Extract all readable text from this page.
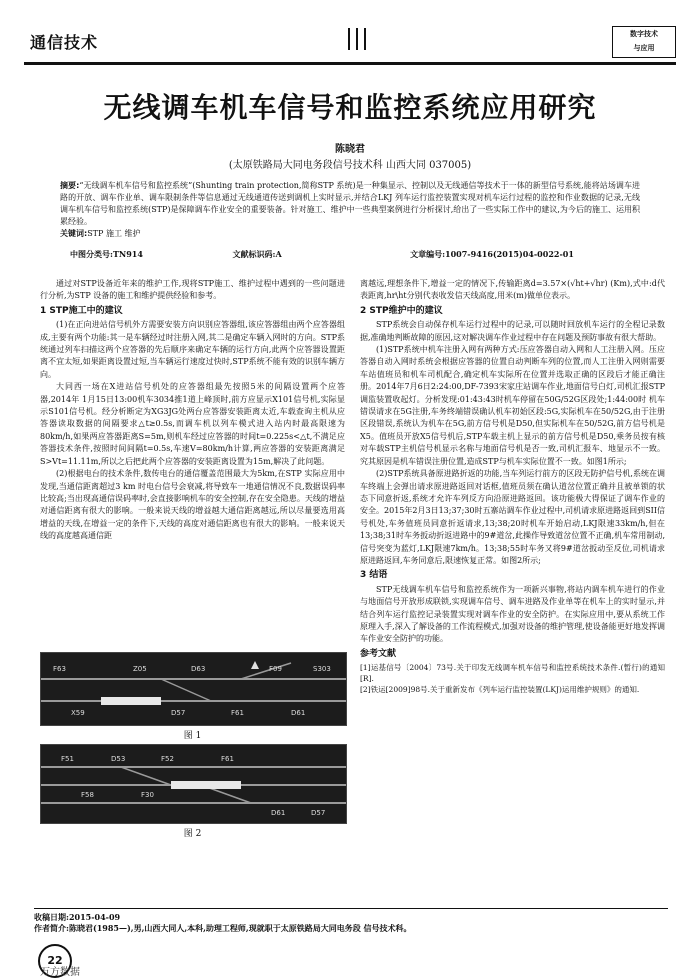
通信技术	数字技术
与应用
无线调车机车信号和监控系统应用研究
陈晓君
(太原铁路局大同电务段信号技术科 山西大同 037005)
摘要:“无线调车机车信号和监控系统”(Shunting train protection,简称STP 系统)是一种集显示、控制以及无线通信等技术于一体的新型信号系统,能将站场调车进路的开放、调车作业单、调车限制条件等信息通过无线通道传送到调机上实时显示,并结合LKJ 列车运行监控装置实现对机车运行过程的监控和作业数据的记录,无线调车机车信号和监控系统(STP)是保障调车作业安全的重要装备。针对施工、维护中一些典型案例进行分析探讨,给出了一些实际工作中的建议,为今后的施工、运用积累经验。
关键词:STP 施工 维护
中图分类号:TN914	文献标识码:A	文章编号:1007-9416(2015)04-0022-01

通过对STP设备近年来的维护工作,现将STP施工、维护过程中遇到的一些问题进行分析,为STP 设备的施工和维护提供经验和参考。

1 STP施工中的建议

(1)在正向进站信号机外方需要安装方向识别应答器组,该应答器组由两个应答器组成,主要有两个功能:其一是车辆经过时注册入网,其二是确定车辆入网时的方向。STP系统通过列车扫描这两个应答器的先后顺序来确定车辆的运行方向,此两个应答器设置距离不宜太短,如果距离设置过短,当车辆运行速度过快时,STP系统不能有效的识别车辆方向。

大同西一场在X进站信号机处的应答器组最先按照5米的间隔设置两个应答器,2014年 1月15日13:00机车3034推1道上峰顶时,前方应显示X101信号机,实际显示S101信号机。经分析断定为XG3JG处两台应答器安装距离太近,车载查询主机从应答器读取数据的间隔要求△t≥0.5s,而调车机以列车模式进入站内时最高限速为80km/h,如果两应答器距离S=5m,则机车经过应答器的时间t=0.225s<△t,不满足应答器技术条件,按照时间间隔t=0.5s,车速V=80km/h计算,两应答器的安装距离满足S>Vt=11.11m,所以之后把此两个应答器的安装距离设置为15m,解决了此问题。

(2)根据电台的技术条件,数传电台的通信覆盖范围最大为5km,在STP 实际应用中发现,当通信距离超过3 km 时电台信号会衰减,将导致车一地通信情况不良,数据误码率比较高;当出现高通信误码率时,会直接影响机车的安全控制,存在安全隐患。天线的增益对通信距离有很大的影响。一般来说天线的增益越大通信距离越远,所以尽量要选用高增益的天线,在增益一定的条件下,天线的高度对通信距离也有很大的影响。一般来说天线的高度越高通信距

F63	Z05	D63	F09	S303
X59	D57	F61	D61
图 1
F51	D53	F52	F61
F58	F30
D61	D57
图 2

离越远,理想条件下,增益一定的情况下,传输距离d=3.57×(√ht+√hr) (Km),式中:d代表距离,hr\ht分别代表收发信天线高度,用米(m)做单位表示。

2 STP维护中的建议

STP系统会自动保存机车运行过程中的记录,可以随时回放机车运行的全程记录数据,准确地判断故障的原因,这对解决调车作业过程中存在问题及预防事故有很大帮助。

(1)STP系统中机车注册入网有两种方式:压应答器自动入网和人工注册入网。压应答器自动入网时系统会根据应答器的位置自动判断车列的位置,而人工注册入网则需要车站值班员和机车司机配合,确定机车实际所在位置并选取正确的区段后才能正确注册。2014年7月6日2:24:00,DF-7393宋家庄站调车作业,地面信号白灯,司机汇报STP调监装置收起灯。分析发现:01:43:43时机车停留在50G/52G区段处;1:44:00时 机车错误请求在5G注册,车务终端错误确认机车初始区段:5G,实际机车在50/52G,由于注册区段错误,系统认为机车在5G,前方信号机是D50,但实际机车在50/52G,前方信号机是X5。值班员开放X5信号机后,STP车载主机上显示的前方信号机是D50,乘务员按有核对车载STP主机信号机显示名称与地面信号机是否一致,司机汇报车、地显示不一致。究其原因是机车错误注册位置,造成STP与机车实际位置不一致。如图1所示;

(2)STP系统具备原进路折返的功能,当车列运行前方的区段无防护信号机,系统在调车终端上会弹出请求原进路返回对话框,值班员须在确认道岔位置正确并且被单锁的状态下同意折返,系统才允许车列反方向沿原进路返回。该功能极大得保证了调车作业的安全。2015年2月3日13;37;30时五寨站调车作业过程中,司机请求原进路返回到SII信号机处,车务值班员同意折返请求,13;38;20时机车开始启动,LKJ限速33km/h,但在13;38;31时车务扳动折返进路中的9#道岔,此操作导致道岔位置不正确,机车常用制动,信号突变为蓝灯,LKJ限速7km/h。13;38;55时车务又将9#道岔扳动至反位,司机请求原进路返回,车务同意后,限速恢复正常。如图2所示;

3 结语

STP无线调车机车信号和监控系统作为一项新兴事物,将站内调车机车进行的作业与地面信号开放形成联锁,实现调车信号、调车进路及作业单等在机车上的实时显示,并结合列车运行监控记录装置实现对调车作业的安全防护。在实际应用中,要从系统工作原理入手,深入了解设备的工作流程模式,加强对设备的维护管理,使设备能更好地发挥调车作业安全防护的功能。

参考文献
[1]运基信号〔2004〕73号.关于印发无线调车机车信号和监控系统技术条件.(暂行)的通知[R].
[2]铁运[2009]98号.关于重新发布《列车运行监控装置(LKJ)运用维护规则》的通知.
收稿日期:2015-04-09
作者简介:陈晓君(1985—),男,山西大同人,本科,助理工程师,现就职于太原铁路局大同电务段 信号技术科。
22
万方数据
